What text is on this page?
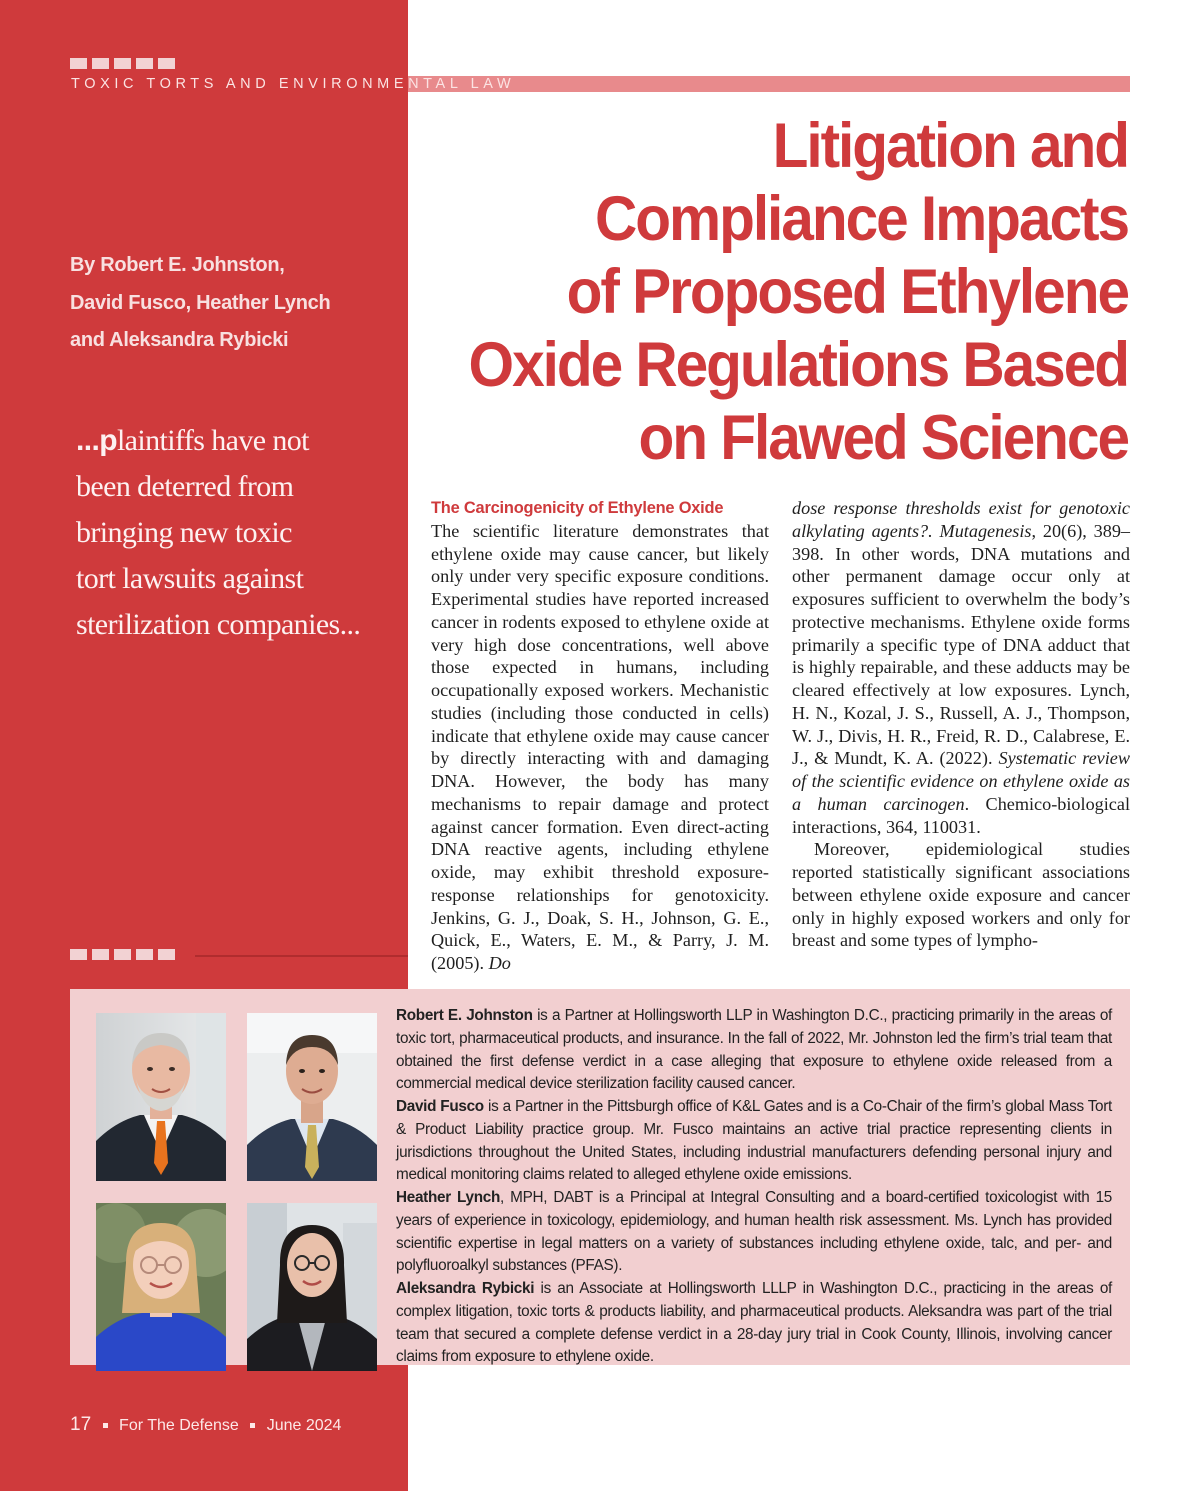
TOXIC TORTS AND ENVIRONMENTAL LAW
Litigation and
Compliance Impacts
of Proposed Ethylene
Oxide Regulations Based
on Flawed Science
By Robert E. Johnston,
David Fusco, Heather Lynch
and Aleksandra Rybicki
...plaintiffs have not
been deterred from
bringing new toxic
tort lawsuits against
sterilization companies...
The Carcinogenicity of Ethylene Oxide
The scientific literature demonstrates that ethylene oxide may cause cancer, but likely only under very specific exposure conditions. Experimental studies have reported increased cancer in rodents exposed to ethylene oxide at very high dose concentrations, well above those expected in humans, including occupationally exposed workers. Mechanistic studies (including those conducted in cells) indicate that ethylene oxide may cause cancer by directly interacting with and damaging DNA. However, the body has many mechanisms to repair damage and protect against cancer formation. Even direct-acting DNA reactive agents, including ethylene oxide, may exhibit threshold exposure-response relationships for genotoxicity. Jenkins, G. J., Doak, S. H., Johnson, G. E., Quick, E., Waters, E. M., & Parry, J. M. (2005). Do
dose response thresholds exist for genotoxic alkylating agents?. Mutagenesis, 20(6), 389–398. In other words, DNA mutations and other permanent damage occur only at exposures sufficient to overwhelm the body’s protective mechanisms. Ethylene oxide forms primarily a specific type of DNA adduct that is highly repairable, and these adducts may be cleared effectively at low exposures. Lynch, H. N., Kozal, J. S., Russell, A. J., Thompson, W. J., Divis, H. R., Freid, R. D., Calabrese, E. J., & Mundt, K. A. (2022). Systematic review of the scientific evidence on ethylene oxide as a human carcinogen. Chemico-biological interactions, 364, 110031.
Moreover, epidemiological studies reported statistically significant associations between ethylene oxide exposure and cancer only in highly exposed workers and only for breast and some types of lympho-
Robert E. Johnston is a Partner at Hollingsworth LLP in Washington D.C., practicing primarily in the areas of toxic tort, pharmaceutical products, and insurance. In the fall of 2022, Mr. Johnston led the firm’s trial team that obtained the first defense verdict in a case alleging that exposure to ethylene oxide released from a commercial medical device sterilization facility caused cancer.
David Fusco is a Partner in the Pittsburgh office of K&L Gates and is a Co-Chair of the firm’s global Mass Tort & Product Liability practice group. Mr. Fusco maintains an active trial practice representing clients in jurisdictions throughout the United States, including industrial manufacturers defending personal injury and medical monitoring claims related to alleged ethylene oxide emissions.
Heather Lynch, MPH, DABT is a Principal at Integral Consulting and a board-certified toxicologist with 15 years of experience in toxicology, epidemiology, and human health risk assessment. Ms. Lynch has provided scientific expertise in legal matters on a variety of substances including ethylene oxide, talc, and per- and polyfluoroalkyl substances (PFAS).
Aleksandra Rybicki is an Associate at Hollingsworth LLLP in Washington D.C., practicing in the areas of complex litigation, toxic torts & products liability, and pharmaceutical products. Aleksandra was part of the trial team that secured a complete defense verdict in a 28-day jury trial in Cook County, Illinois, involving cancer claims from exposure to ethylene oxide.
17 For The Defense June 2024
